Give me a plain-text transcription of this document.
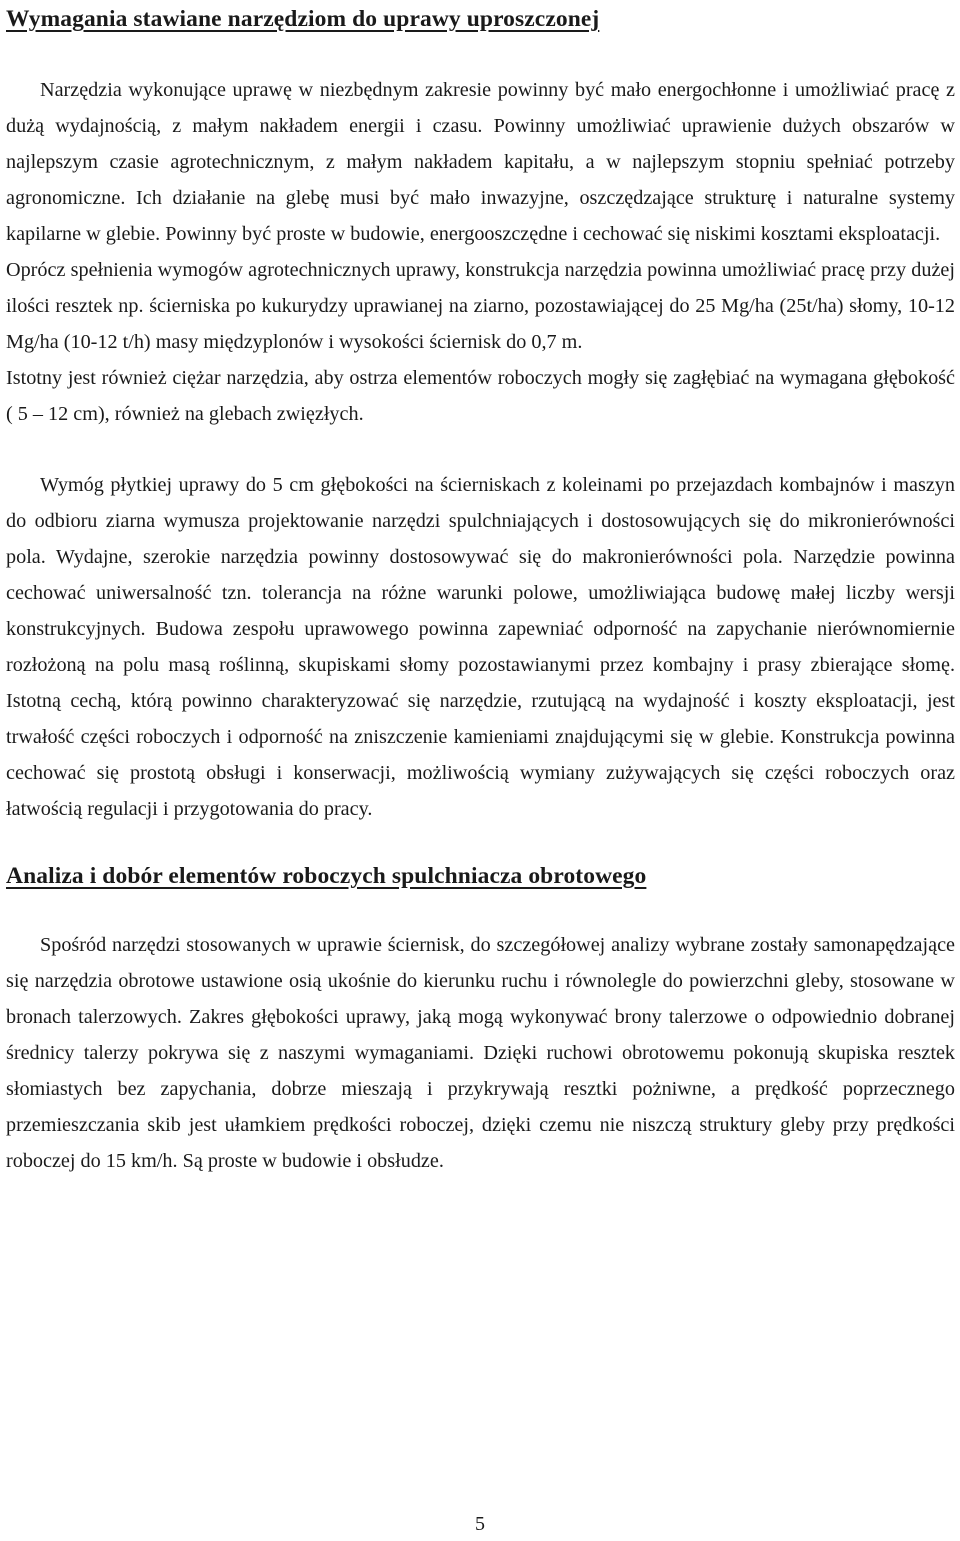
Wymagania stawiane narzędziom do uprawy uproszczonej

Narzędzia wykonujące uprawę w niezbędnym zakresie powinny być mało energochłonne i umożliwiać pracę z dużą wydajnością, z małym nakładem energii i czasu. Powinny umożliwiać uprawienie dużych obszarów w najlepszym czasie agrotechnicznym, z małym nakładem kapitału, a w najlepszym stopniu spełniać potrzeby agronomiczne. Ich działanie na glebę musi być mało inwazyjne, oszczędzające strukturę i naturalne systemy kapilarne w glebie. Powinny być proste w budowie, energooszczędne i cechować się niskimi kosztami eksploatacji.

Oprócz spełnienia wymogów agrotechnicznych uprawy, konstrukcja narzędzia powinna umożliwiać pracę przy dużej ilości resztek np. ścierniska po kukurydzy uprawianej na ziarno, pozostawiającej do 25 Mg/ha (25t/ha) słomy, 10-12 Mg/ha (10-12 t/h) masy międzyplonów i wysokości ściernisk do 0,7 m.

Istotny jest również ciężar narzędzia, aby ostrza elementów roboczych mogły się zagłębiać na wymagana głębokość ( 5 – 12 cm), również na glebach zwięzłych.

Wymóg płytkiej uprawy do 5 cm głębokości na ścierniskach z koleinami po przejazdach kombajnów i maszyn do odbioru ziarna wymusza projektowanie narzędzi spulchniających i dostosowujących się do mikronierówności pola. Wydajne, szerokie narzędzia powinny dostosowywać się do makronierówności pola. Narzędzie powinna cechować uniwersalność tzn. tolerancja na różne warunki polowe, umożliwiająca budowę małej liczby wersji konstrukcyjnych. Budowa zespołu uprawowego powinna zapewniać odporność na zapychanie nierównomiernie rozłożoną na polu masą roślinną, skupiskami słomy pozostawianymi przez kombajny i prasy zbierające słomę. Istotną cechą, którą powinno charakteryzować się narzędzie, rzutującą na wydajność i koszty eksploatacji, jest trwałość części roboczych i odporność na zniszczenie kamieniami znajdującymi się w glebie. Konstrukcja powinna cechować się prostotą obsługi i konserwacji, możliwością wymiany zużywających się części roboczych oraz łatwością regulacji i przygotowania do pracy.

Analiza i dobór elementów roboczych spulchniacza obrotowego

Spośród narzędzi stosowanych w uprawie ściernisk, do szczegółowej analizy wybrane zostały samonapędzające się narzędzia obrotowe ustawione osią ukośnie do kierunku ruchu i równolegle do powierzchni gleby, stosowane w bronach talerzowych. Zakres głębokości uprawy, jaką mogą wykonywać brony talerzowe o odpowiednio dobranej średnicy talerzy pokrywa się z naszymi wymaganiami. Dzięki ruchowi obrotowemu pokonują skupiska resztek słomiastych bez zapychania, dobrze mieszają i przykrywają resztki pożniwne, a prędkość poprzecznego przemieszczania skib jest ułamkiem prędkości roboczej, dzięki czemu nie niszczą struktury gleby przy prędkości roboczej do 15 km/h. Są proste w budowie i obsłudze.

5
